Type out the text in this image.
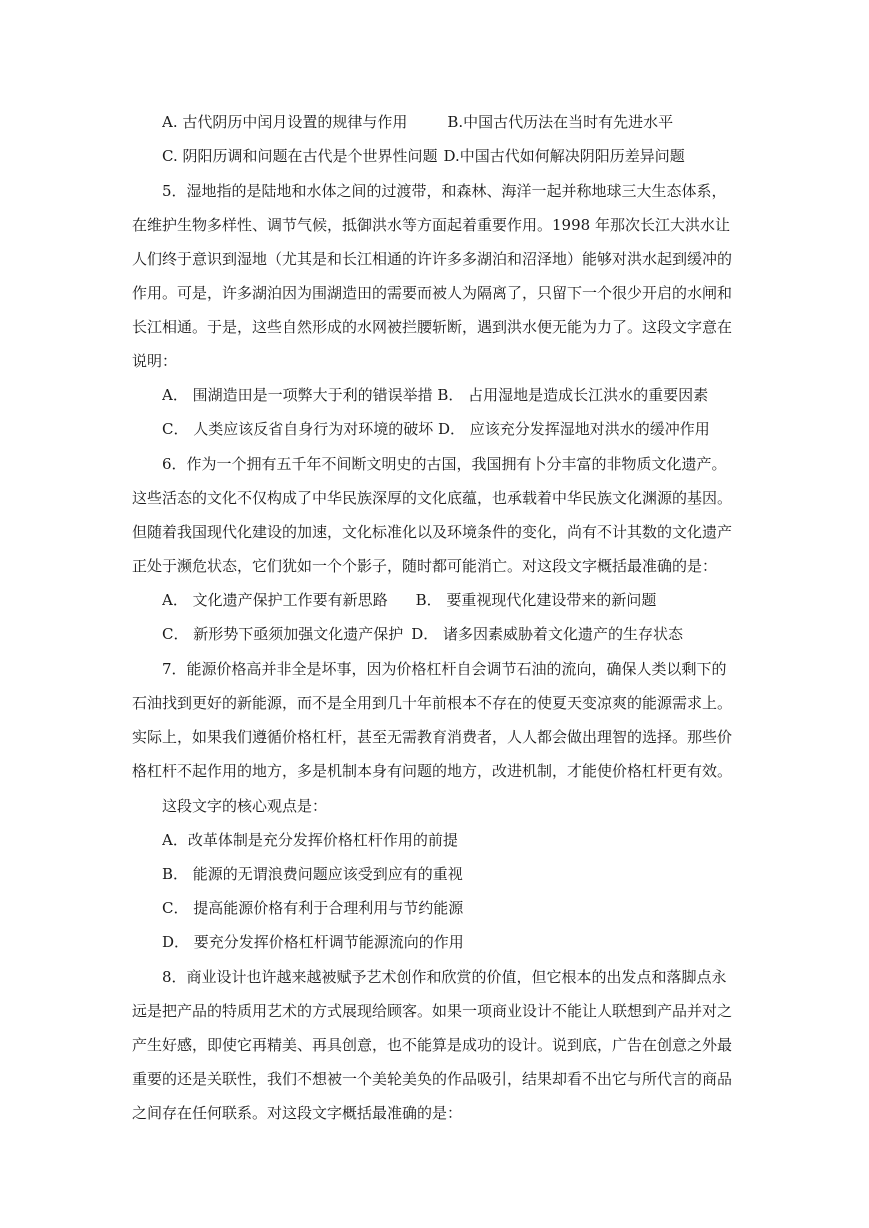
A. 古代阴历中闰月设置的规律与作用	B.中国古代历法在当时有先进水平
C. 阴阳历调和问题在古代是个世界性问题 D.中国古代如何解决阴阳历差异问题
5．湿地指的是陆地和水体之间的过渡带，和森林、海洋一起并称地球三大生态体系，
在维护生物多样性、调节气候，抵御洪水等方面起着重要作用。1998 年那次长江大洪水让
人们终于意识到湿地（尤其是和长江相通的许许多多湖泊和沼泽地）能够对洪水起到缓冲的
作用。可是，许多湖泊因为围湖造田的需要而被人为隔离了，只留下一个很少开启的水闸和
长江相通。于是，这些自然形成的水网被拦腰斩断，遇到洪水便无能为力了。这段文字意在
说明：
A． 围湖造田是一项弊大于利的错误举措 B． 占用湿地是造成长江洪水的重要因素
C． 人类应该反省自身行为对环境的破坏 D． 应该充分发挥湿地对洪水的缓冲作用
6．作为一个拥有五千年不间断文明史的古国，我国拥有卜分丰富的非物质文化遗产。
这些活态的文化不仅构成了中华民族深厚的文化底蕴，也承载着中华民族文化渊源的基因。
但随着我国现代化建设的加速，文化标准化以及环境条件的变化，尚有不计其数的文化遗产
正处于濒危状态，它们犹如一个个影子，随时都可能消亡。对这段文字概括最准确的是：
A． 文化遗产保护工作要有新思路 B． 要重视现代化建设带来的新问题
C． 新形势下亟须加强文化遗产保护 D． 诸多因素威胁着文化遗产的生存状态
7．能源价格高并非全是坏事，因为价格杠杆自会调节石油的流向，确保人类以剩下的
石油找到更好的新能源，而不是全用到几十年前根本不存在的使夏天变凉爽的能源需求上。
实际上，如果我们遵循价格杠杆，甚至无需教育消费者，人人都会做出理智的选择。那些价
格杠杆不起作用的地方，多是机制本身有问题的地方，改进机制，才能使价格杠杆更有效。
这段文字的核心观点是：
A．改革体制是充分发挥价格杠杆作用的前提
B． 能源的无谓浪费问题应该受到应有的重视
C． 提高能源价格有利于合理利用与节约能源
D． 要充分发挥价格杠杆调节能源流向的作用
8．商业设计也许越来越被赋予艺术创作和欣赏的价值，但它根本的出发点和落脚点永
远是把产品的特质用艺术的方式展现给顾客。如果一项商业设计不能让人联想到产品并对之
产生好感，即使它再精美、再具创意，也不能算是成功的设计。说到底，广告在创意之外最
重要的还是关联性，我们不想被一个美轮美奂的作品吸引，结果却看不出它与所代言的商品
之间存在任何联系。对这段文字概括最准确的是：
